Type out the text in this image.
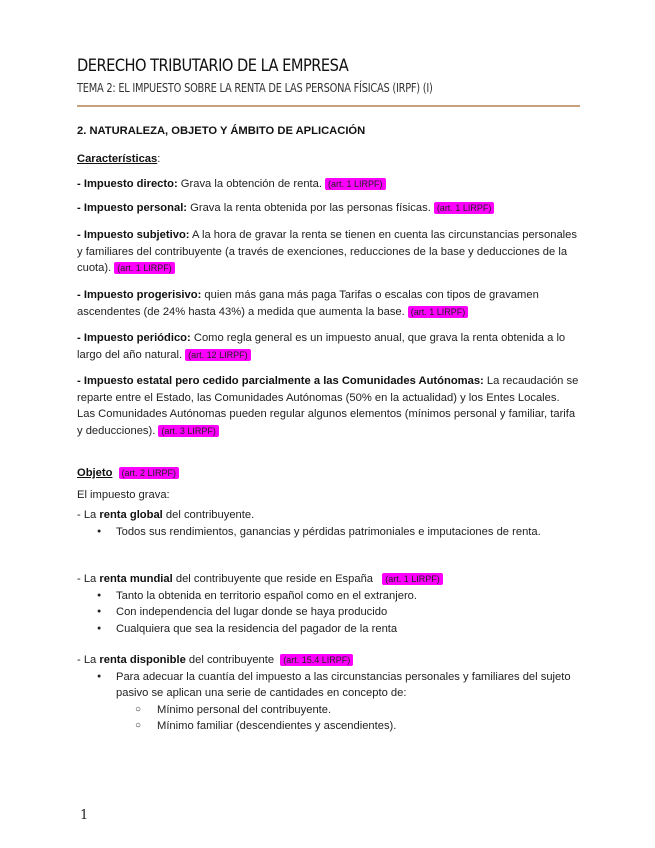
DERECHO TRIBUTARIO DE LA EMPRESA
TEMA 2: EL IMPUESTO SOBRE LA RENTA DE LAS PERSONA FÍSICAS (IRPF) (I)
2. NATURALEZA, OBJETO Y ÁMBITO DE APLICACIÓN
Características:
- Impuesto directo: Grava la obtención de renta. (art. 1 LIRPF)
- Impuesto personal: Grava la renta obtenida por las personas físicas. (art. 1 LIRPF)
- Impuesto subjetivo: A la hora de gravar la renta se tienen en cuenta las circunstancias personales y familiares del contribuyente (a través de exenciones, reducciones de la base y deducciones de la cuota). (art. 1 LIRPF)
- Impuesto progerisivo: quien más gana más paga Tarifas o escalas con tipos de gravamen ascendentes (de 24% hasta 43%) a medida que aumenta la base. (art. 1 LIRPF)
- Impuesto periódico: Como regla general es un impuesto anual, que grava la renta obtenida a lo largo del año natural. (art. 12 LIRPF)
- Impuesto estatal pero cedido parcialmente a las Comunidades Autónomas: La recaudación se reparte entre el Estado, las Comunidades Autónomas (50% en la actualidad) y los Entes Locales. Las Comunidades Autónomas pueden regular algunos elementos (mínimos personal y familiar, tarifa y deducciones). (art. 3 LIRPF)
Objeto (art. 2 LIRPF)
El impuesto grava:
- La renta global del contribuyente.
● Todos sus rendimientos, ganancias y pérdidas patrimoniales e imputaciones de renta.
- La renta mundial del contribuyente que reside en España (art. 1 LIRPF)
● Tanto la obtenida en territorio español como en el extranjero.
● Con independencia del lugar donde se haya producido
● Cualquiera que sea la residencia del pagador de la renta
- La renta disponible del contribuyente (art. 15.4 LIRPF)
● Para adecuar la cuantía del impuesto a las circunstancias personales y familiares del sujeto pasivo se aplican una serie de cantidades en concepto de:
○ Mínimo personal del contribuyente.
○ Mínimo familiar (descendientes y ascendientes).
1
